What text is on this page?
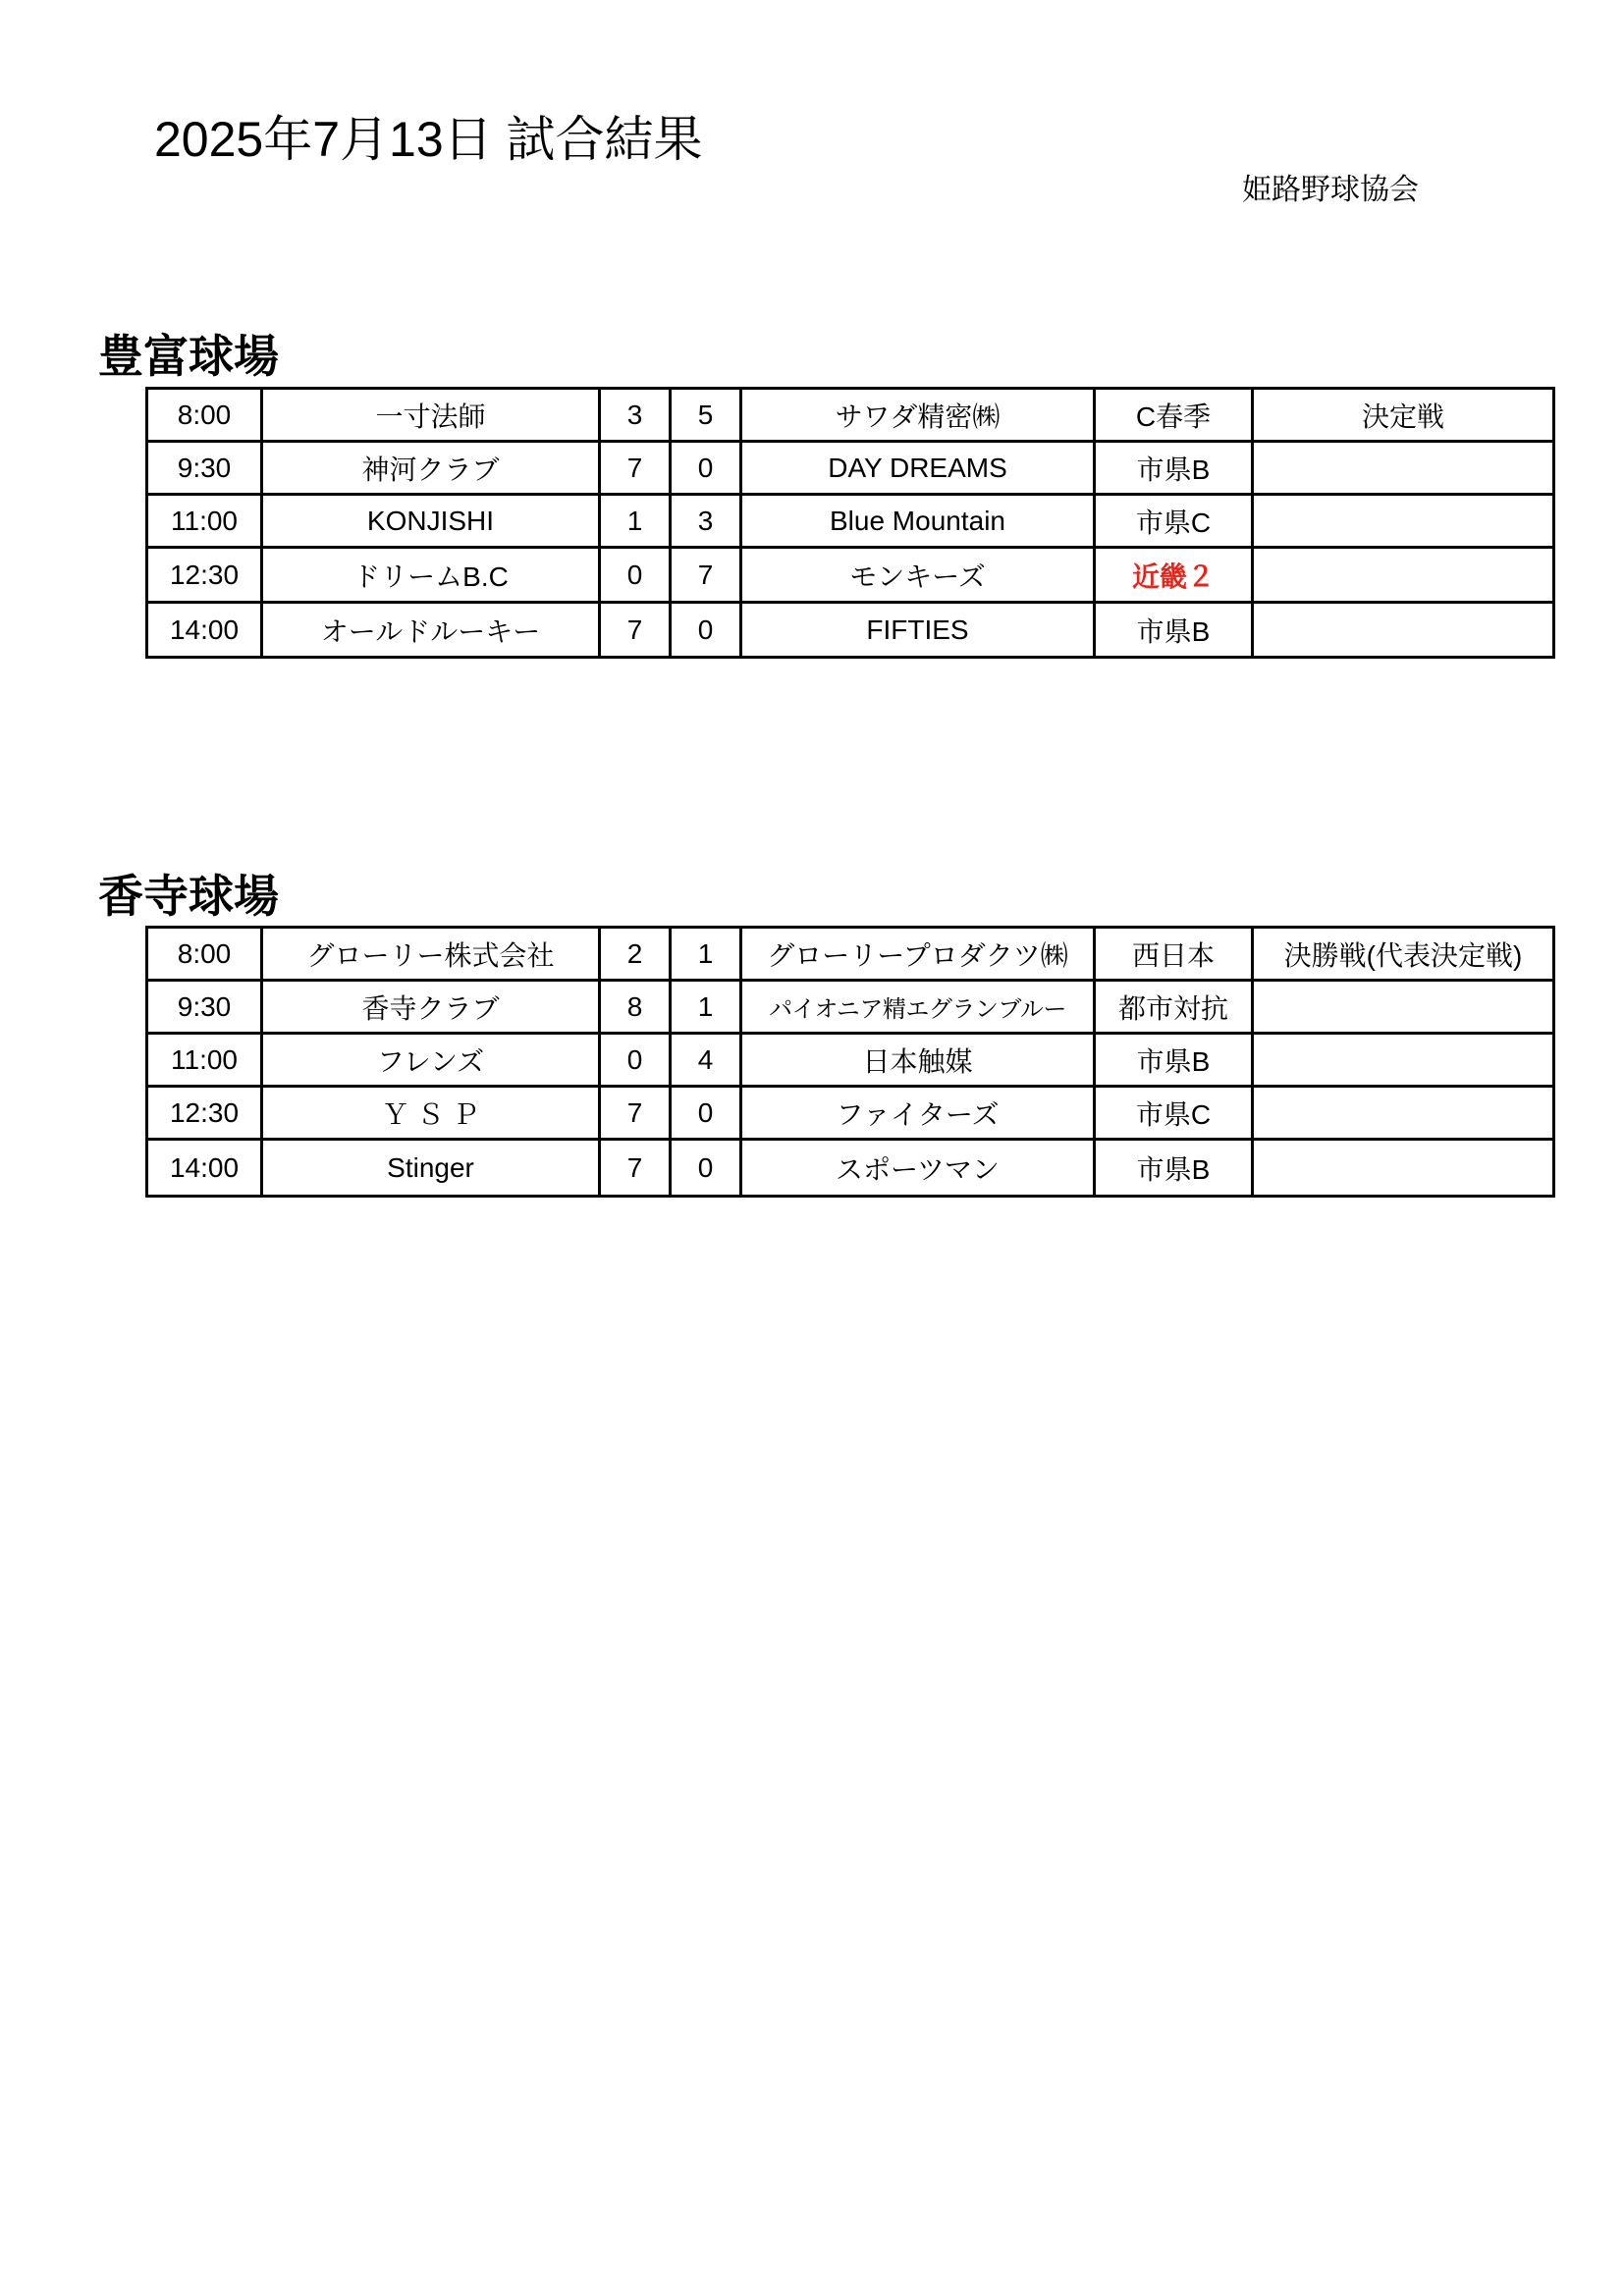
2025年7月13日 試合結果
姫路野球協会
豊富球場
8:00	一寸法師	3	5	サワダ精密㈱	C春季	決定戦
9:30	神河クラブ	7	0	DAY DREAMS	市県B	
11:00	KONJISHI	1	3	Blue Mountain	市県C	
12:30	ドリームB.C	0	7	モンキーズ	近畿２	
14:00	オールドルーキー	7	0	FIFTIES	市県B	
香寺球場
8:00	グローリー株式会社	2	1	グローリープロダクツ㈱	西日本	決勝戦(代表決定戦)
9:30	香寺クラブ	8	1	パイオニア精エグランブルー	都市対抗	
11:00	フレンズ	0	4	日本触媒	市県B	
12:30	Ｙ Ｓ Ｐ	7	0	ファイターズ	市県C	
14:00	Stinger	7	0	スポーツマン	市県B	
